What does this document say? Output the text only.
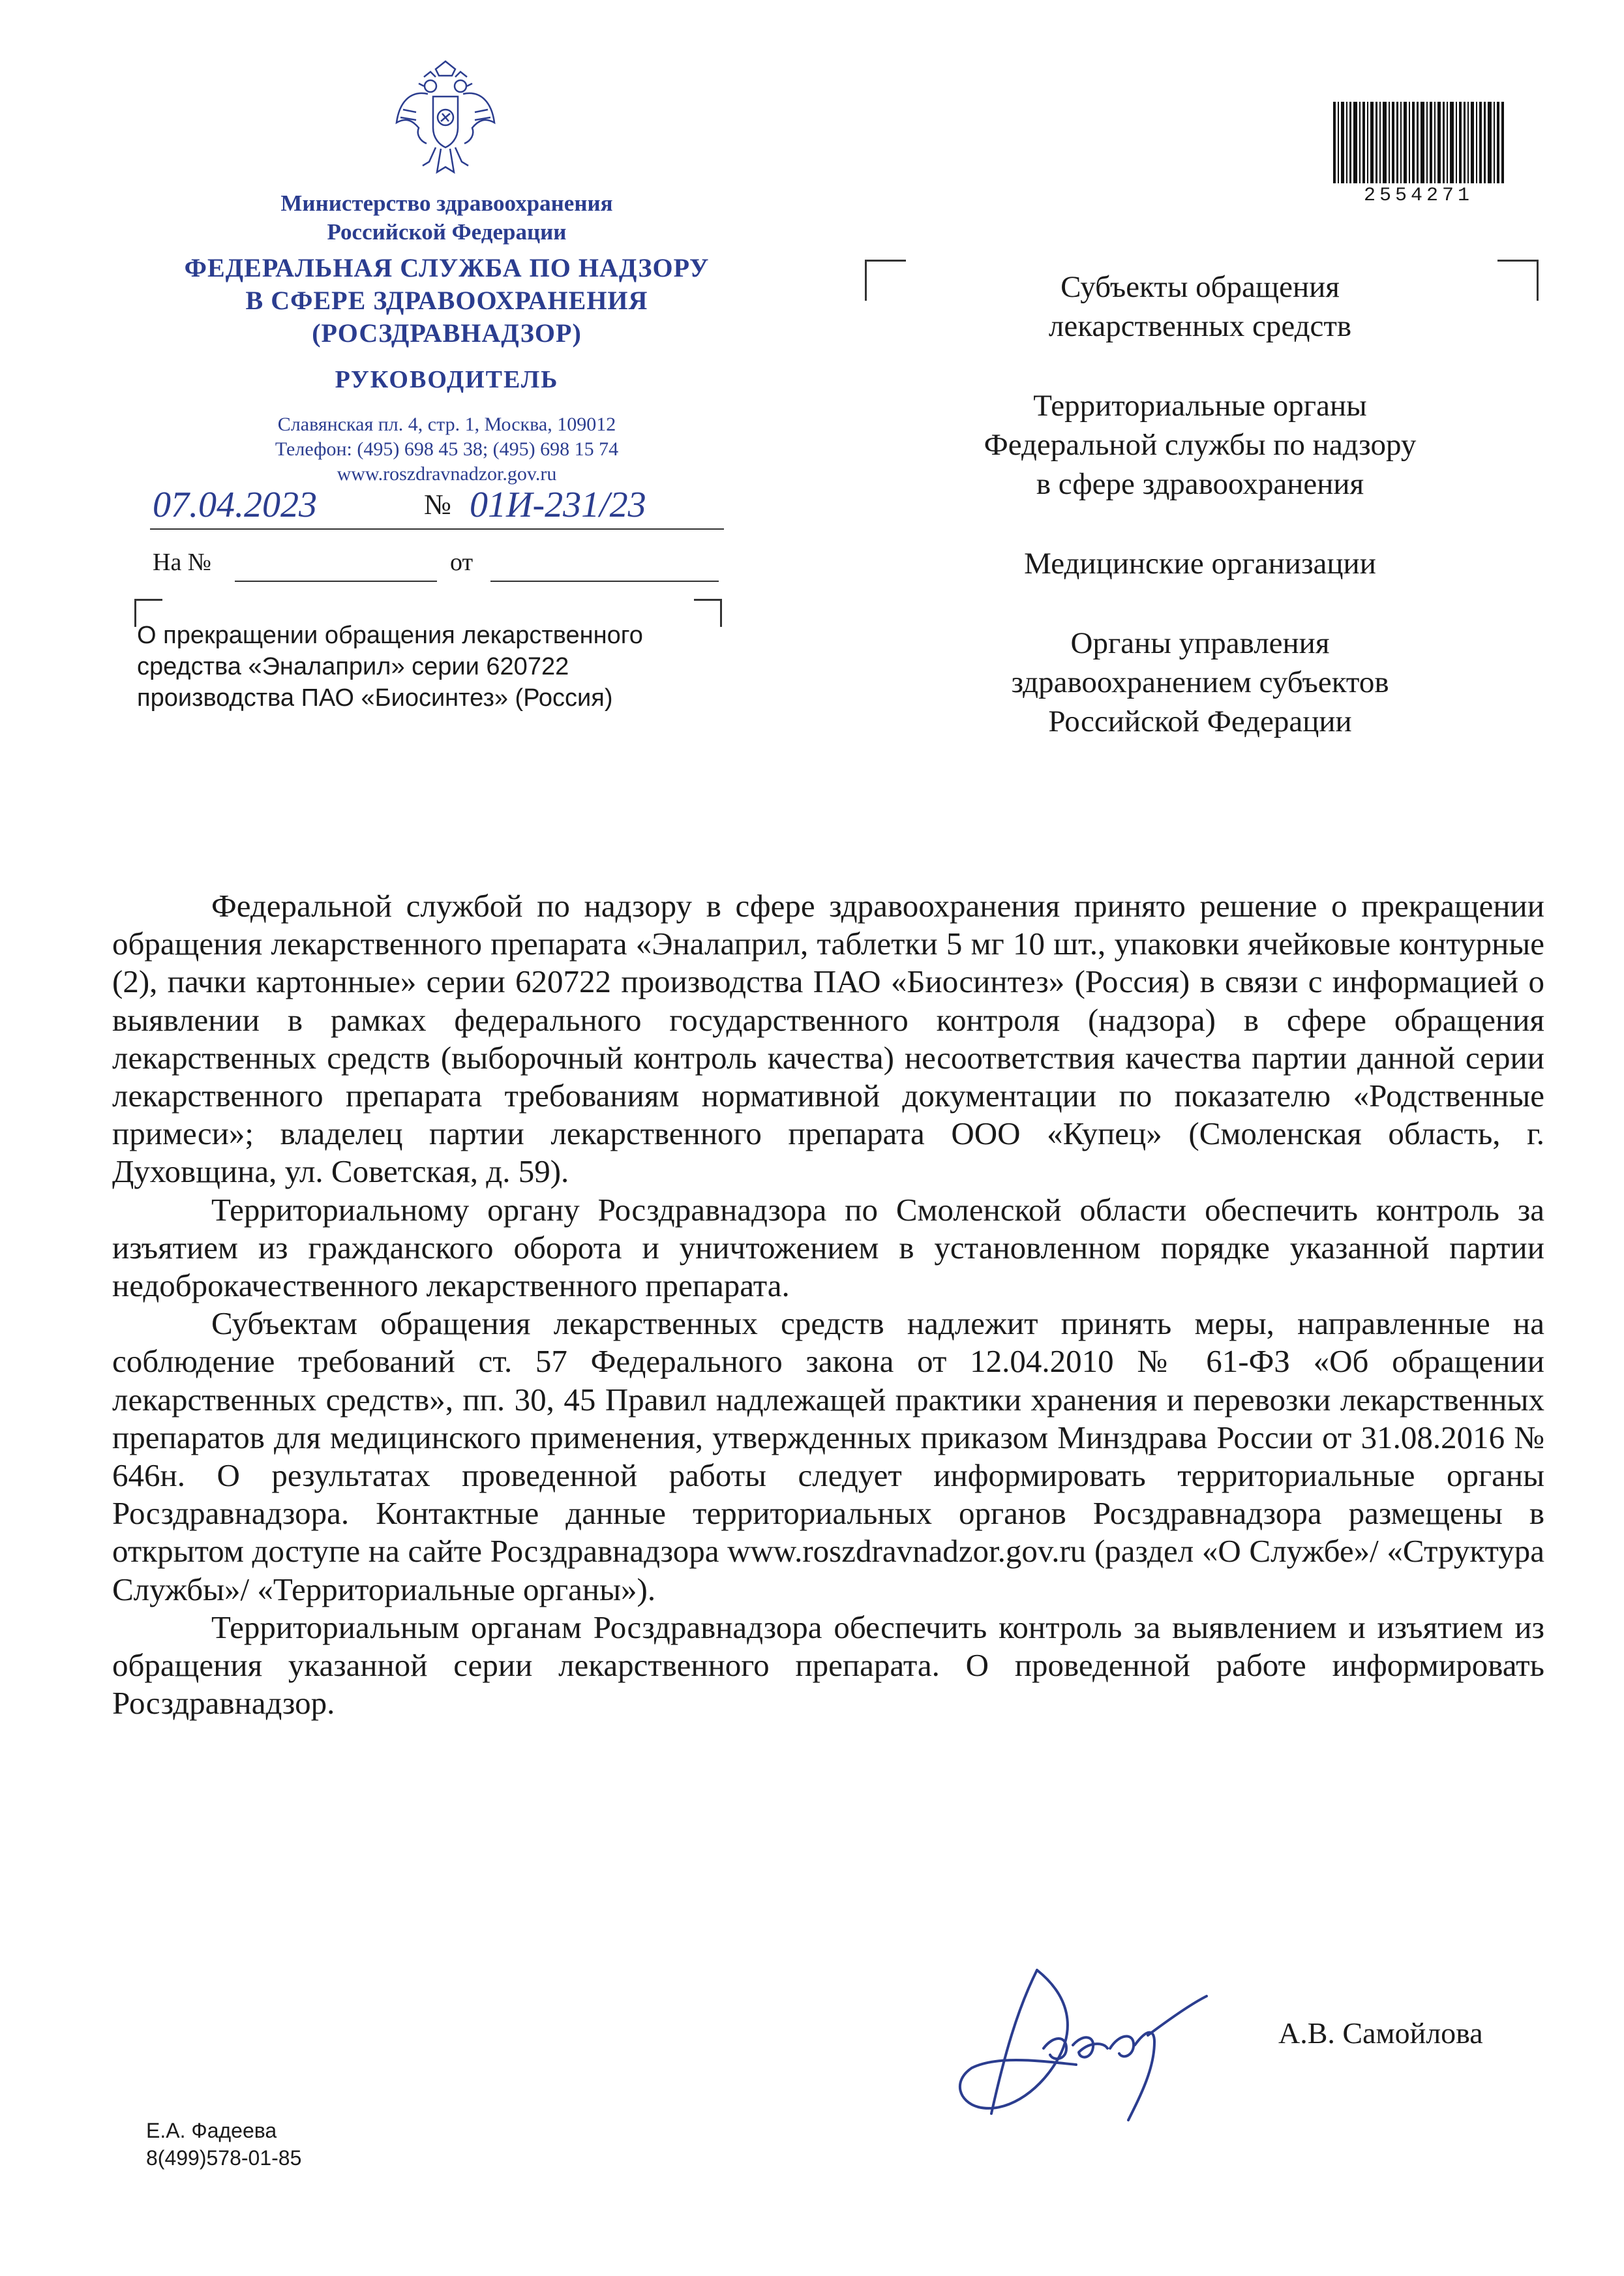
Министерство здравоохранения
Российской Федерации
ФЕДЕРАЛЬНАЯ СЛУЖБА ПО НАДЗОРУ
В СФЕРЕ ЗДРАВООХРАНЕНИЯ
(РОСЗДРАВНАДЗОР)
РУКОВОДИТЕЛЬ
Славянская пл. 4, стр. 1, Москва, 109012
Телефон: (495) 698 45 38; (495) 698 15 74
www.roszdravnadzor.gov.ru
07.04.2023	№ 01И-231/23
На №	от
О прекращении обращения лекарственного
средства «Эналаприл» серии 620722
производства ПАО «Биосинтез» (Россия)
2554271
Субъекты обращения
лекарственных средств
Территориальные органы
Федеральной службы по надзору
в сфере здравоохранения
Медицинские организации
Органы управления
здравоохранением субъектов
Российской Федерации

Федеральной службой по надзору в сфере здравоохранения принято решение о прекращении обращения лекарственного препарата «Эналаприл, таблетки 5 мг 10 шт., упаковки ячейковые контурные (2), пачки картонные» серии 620722 производства ПАО «Биосинтез» (Россия) в связи с информацией о выявлении в рамках федерального государственного контроля (надзора) в сфере обращения лекарственных средств (выборочный контроль качества) несоответствия качества партии данной серии лекарственного препарата требованиям нормативной документации по показателю «Родственные примеси»; владелец партии лекарственного препарата ООО «Купец» (Смоленская область, г. Духовщина, ул. Советская, д. 59).

Территориальному органу Росздравнадзора по Смоленской области обеспечить контроль за изъятием из гражданского оборота и уничтожением в установленном порядке указанной партии недоброкачественного лекарственного препарата.

Субъектам обращения лекарственных средств надлежит принять меры, направленные на соблюдение требований ст. 57 Федерального закона от 12.04.2010 № 61-ФЗ «Об обращении лекарственных средств», пп. 30, 45 Правил надлежащей практики хранения и перевозки лекарственных препаратов для медицинского применения, утвержденных приказом Минздрава России от 31.08.2016 № 646н. О результатах проведенной работы следует информировать территориальные органы Росздравнадзора. Контактные данные территориальных органов Росздравнадзора размещены в открытом доступе на сайте Росздравнадзора www.roszdravnadzor.gov.ru (раздел «О Службе»/ «Структура Службы»/ «Территориальные органы»).

Территориальным органам Росздравнадзора обеспечить контроль за выявлением и изъятием из обращения указанной серии лекарственного препарата. О проведенной работе информировать Росздравнадзор.

А.В. Самойлова
Е.А. Фадеева
8(499)578-01-85
